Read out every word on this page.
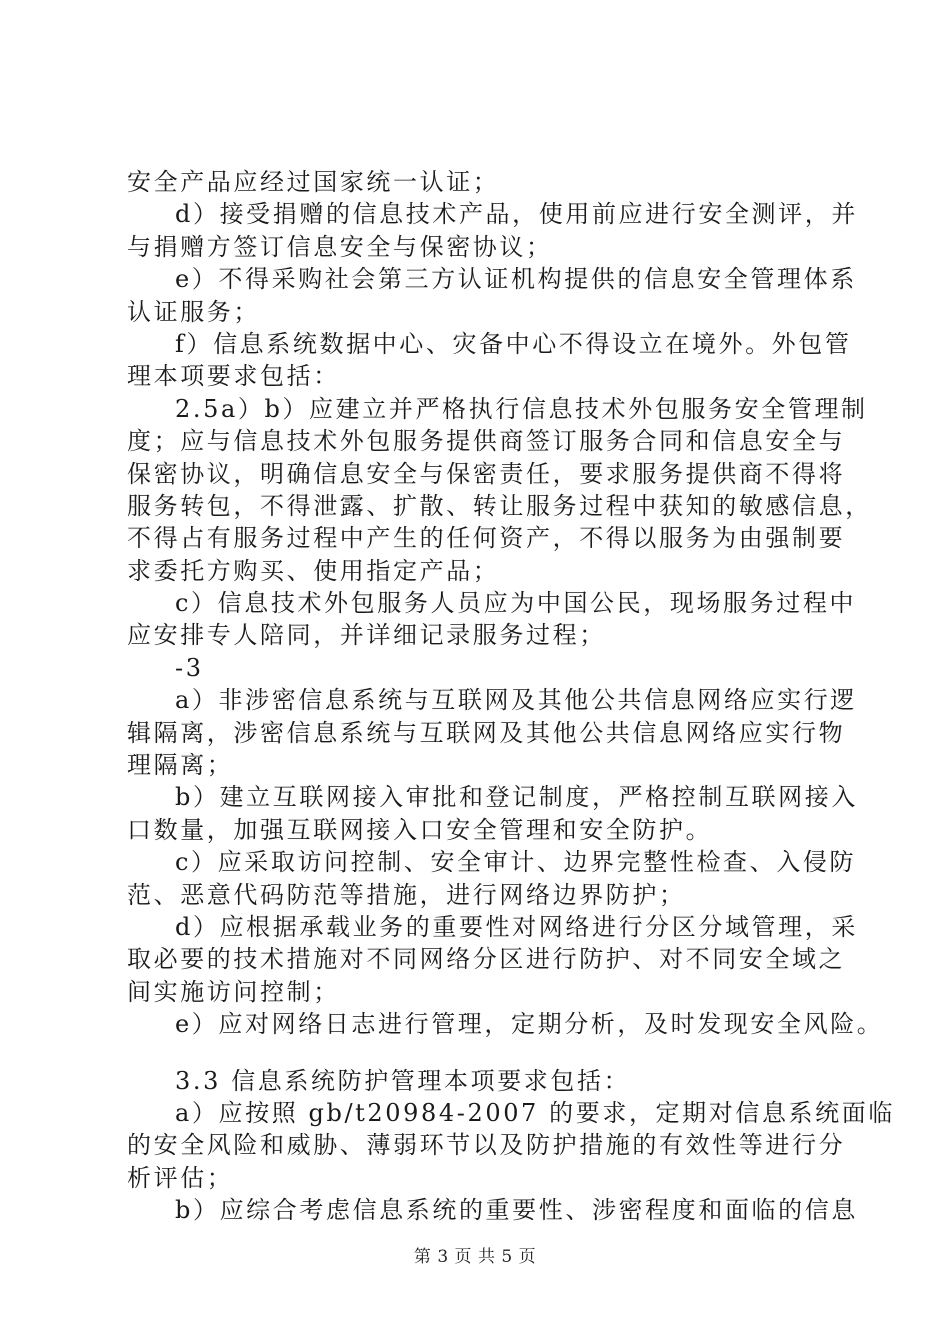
安全产品应经过国家统一认证；
d）接受捐赠的信息技术产品，使用前应进行安全测评，并
与捐赠方签订信息安全与保密协议；
e）不得采购社会第三方认证机构提供的信息安全管理体系
认证服务；
f）信息系统数据中心、灾备中心不得设立在境外。外包管
理本项要求包括：
2.5a）b）应建立并严格执行信息技术外包服务安全管理制
度；应与信息技术外包服务提供商签订服务合同和信息安全与
保密协议，明确信息安全与保密责任，要求服务提供商不得将
服务转包，不得泄露、扩散、转让服务过程中获知的敏感信息，
不得占有服务过程中产生的任何资产，不得以服务为由强制要
求委托方购买、使用指定产品；
c）信息技术外包服务人员应为中国公民，现场服务过程中
应安排专人陪同，并详细记录服务过程；
-3
a）非涉密信息系统与互联网及其他公共信息网络应实行逻
辑隔离，涉密信息系统与互联网及其他公共信息网络应实行物
理隔离；
b）建立互联网接入审批和登记制度，严格控制互联网接入
口数量，加强互联网接入口安全管理和安全防护。
c）应采取访问控制、安全审计、边界完整性检查、入侵防
范、恶意代码防范等措施，进行网络边界防护；
d）应根据承载业务的重要性对网络进行分区分域管理，采
取必要的技术措施对不同网络分区进行防护、对不同安全域之
间实施访问控制；
e）应对网络日志进行管理，定期分析，及时发现安全风险。
3.3 信息系统防护管理本项要求包括：
a）应按照 gb/t20984-2007 的要求，定期对信息系统面临
的安全风险和威胁、薄弱环节以及防护措施的有效性等进行分
析评估；
b）应综合考虑信息系统的重要性、涉密程度和面临的信息
第 3 页 共 5 页
